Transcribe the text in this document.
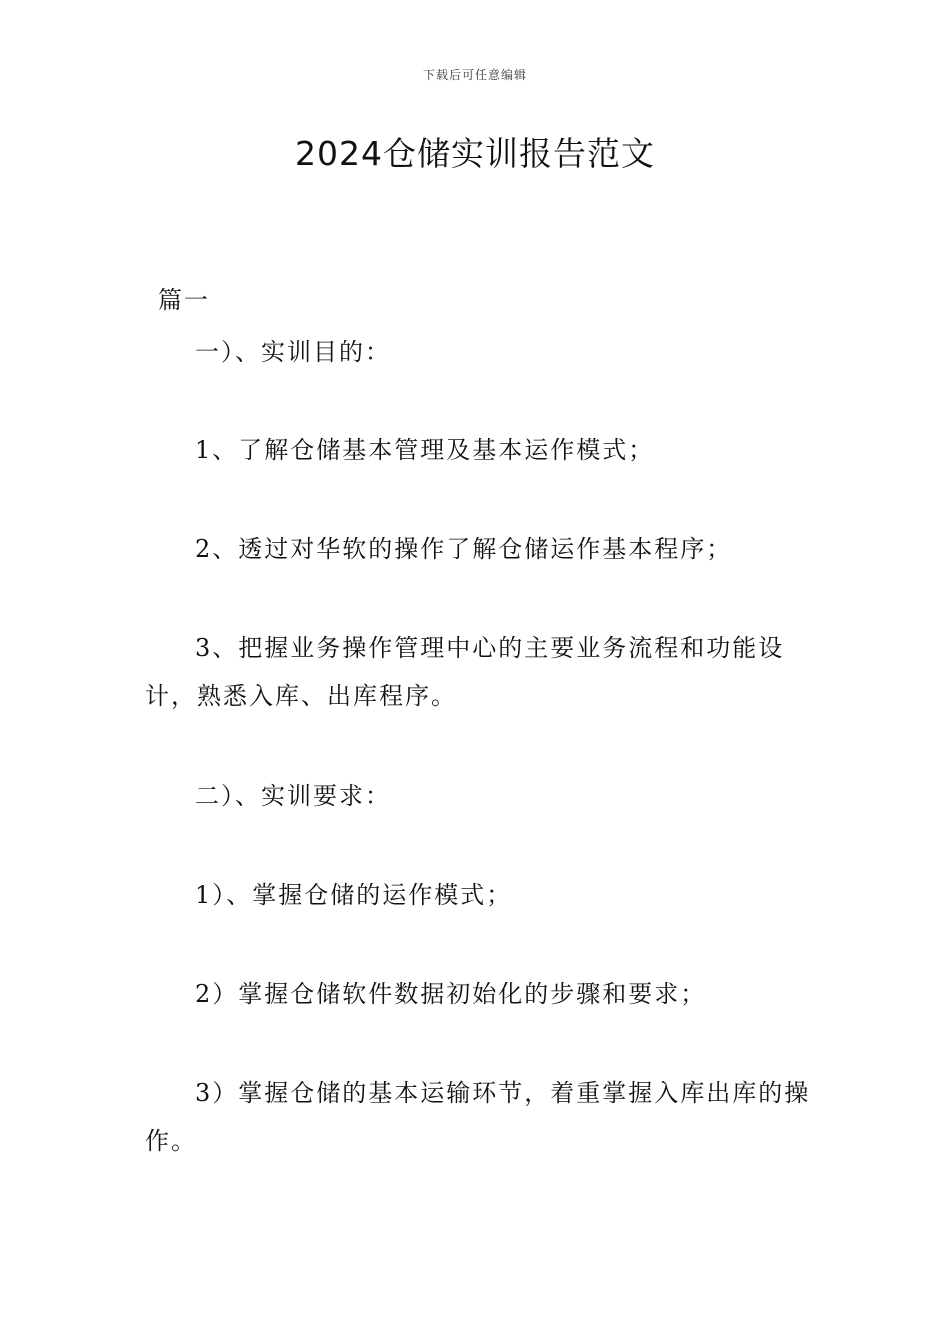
下载后可任意编辑
2024仓储实训报告范文

篇一

一）、实训目的：

1、了解仓储基本管理及基本运作模式；

2、透过对华软的操作了解仓储运作基本程序；

3、把握业务操作管理中心的主要业务流程和功能设计，熟悉入库、出库程序。

二）、实训要求：

1）、掌握仓储的运作模式；

2）掌握仓储软件数据初始化的步骤和要求；

3）掌握仓储的基本运输环节，着重掌握入库出库的操作。
